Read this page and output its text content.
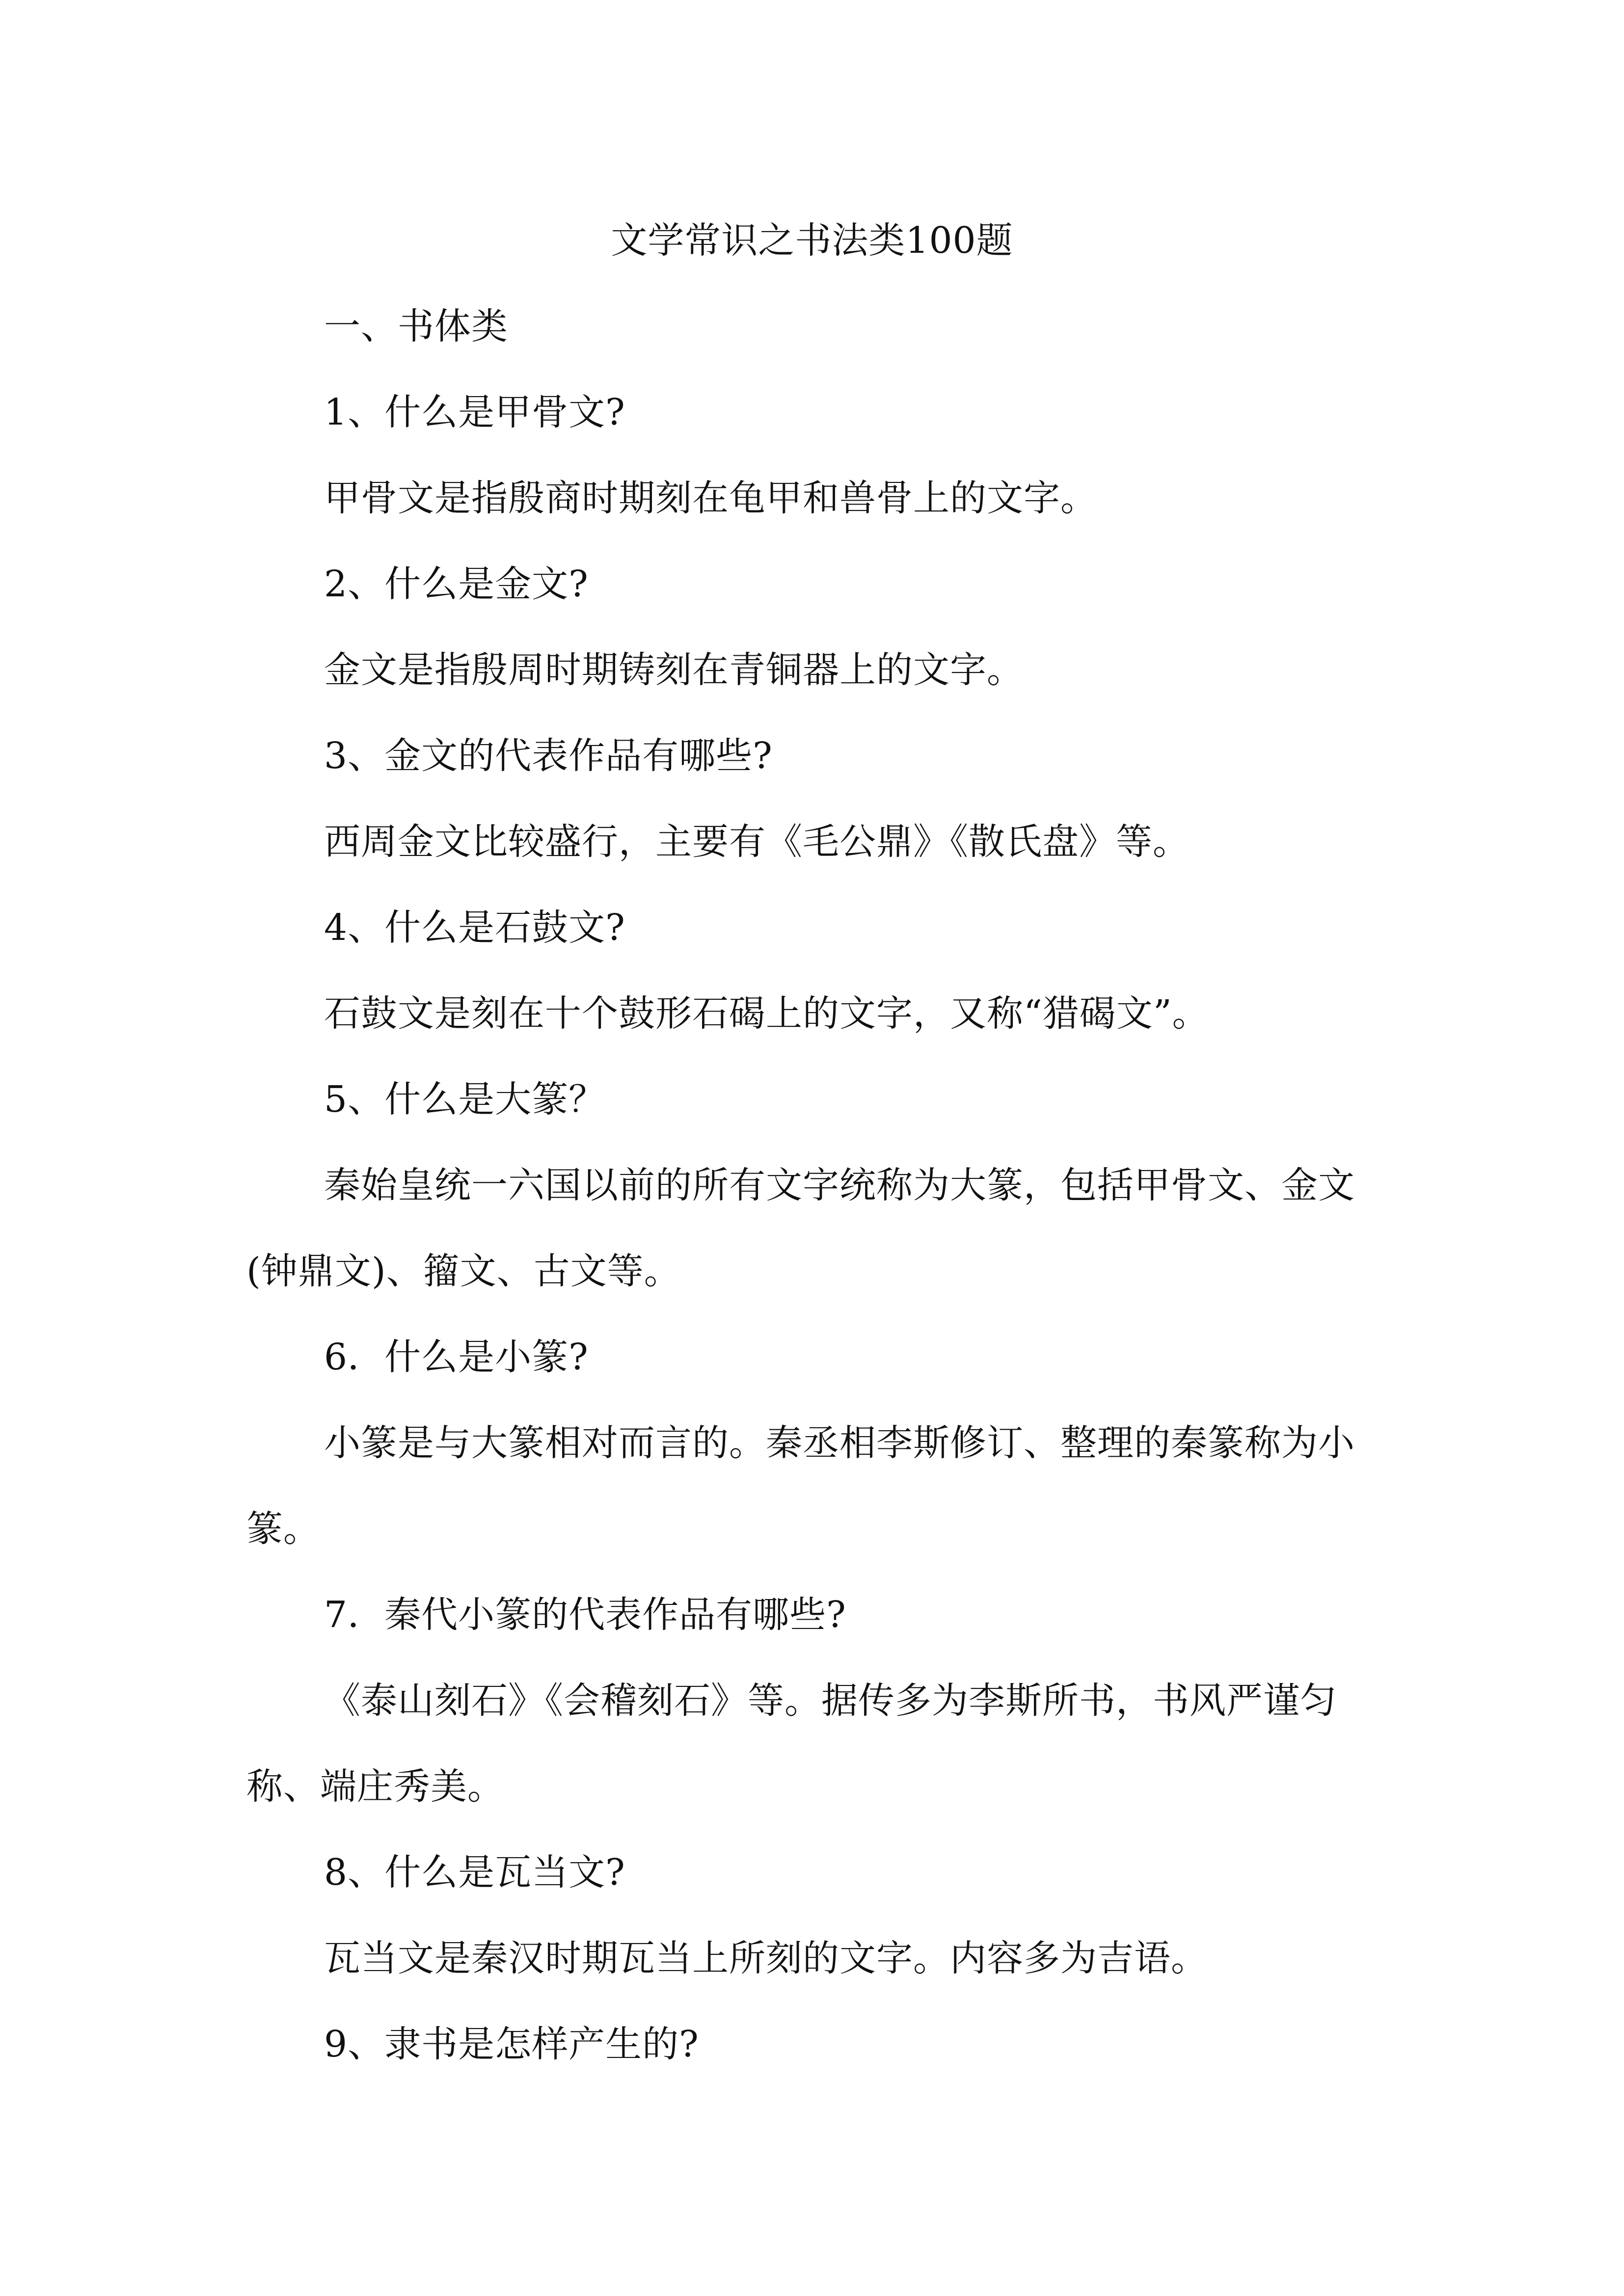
文学常识之书法类100题
一、书体类
1、什么是甲骨文?
甲骨文是指殷商时期刻在龟甲和兽骨上的文字。
2、什么是金文?
金文是指殷周时期铸刻在青铜器上的文字。
3、金文的代表作品有哪些?
西周金文比较盛行，主要有《毛公鼎》《散氏盘》等。
4、什么是石鼓文?
石鼓文是刻在十个鼓形石碣上的文字，又称“猎碣文”。
5、什么是大篆？
秦始皇统一六国以前的所有文字统称为大篆，包括甲骨文、金文
(钟鼎文)、籀文、古文等。
6．什么是小篆?
小篆是与大篆相对而言的。秦丞相李斯修订、整理的秦篆称为小
篆。
7．秦代小篆的代表作品有哪些?
《泰山刻石》《会稽刻石》等。据传多为李斯所书，书风严谨匀
称、端庄秀美。
8、什么是瓦当文?
瓦当文是秦汉时期瓦当上所刻的文字。内容多为吉语。
9、隶书是怎样产生的?
